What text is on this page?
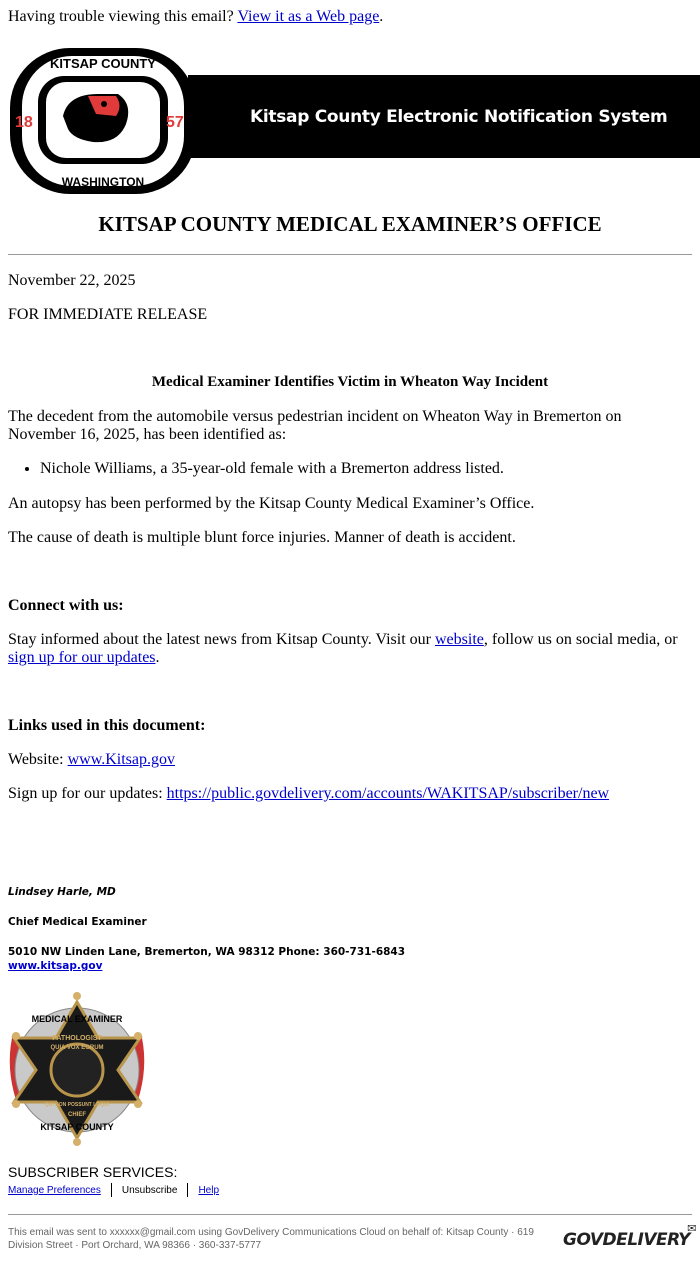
Having trouble viewing this email? View it as a Web page.
Kitsap County Electronic Notification System
KITSAP COUNTY
WASHINGTON
18	57
KITSAP COUNTY MEDICAL EXAMINER’S OFFICE
November 22, 2025
FOR IMMEDIATE RELEASE
Medical Examiner Identifies Victim in Wheaton Way Incident
The decedent from the automobile versus pedestrian incident on Wheaton Way in Bremerton on November 16, 2025, has been identified as:
• Nichole Williams, a 35-year-old female with a Bremerton address listed.
An autopsy has been performed by the Kitsap County Medical Examiner’s Office.
The cause of death is multiple blunt force injuries. Manner of death is accident.
Connect with us:
Stay informed about the latest news from Kitsap County. Visit our website, follow us on social media, or sign up for our updates.
Links used in this document:
Website: www.Kitsap.gov
Sign up for our updates: https://public.govdelivery.com/accounts/WAKITSAP/subscriber/new
Lindsey Harle, MD
Chief Medical Examiner
5010 NW Linden Lane, Bremerton, WA 98312 Phone: 360-731-6843
www.kitsap.gov
MEDICAL EXAMINER
PATHOLOGIST
QUIA VOX EORUM
QUI NON POSSUNT LOQUI
CHIEF
KITSAP COUNTY
SUBSCRIBER SERVICES:
Manage Preferences Unsubscribe Help
This email was sent to xxxxxx@gmail.com using GovDelivery Communications Cloud on behalf of: Kitsap County · 619 Division Street · Port Orchard, WA 98366 · 360-337-5777	GOVDELIVERY
✉
